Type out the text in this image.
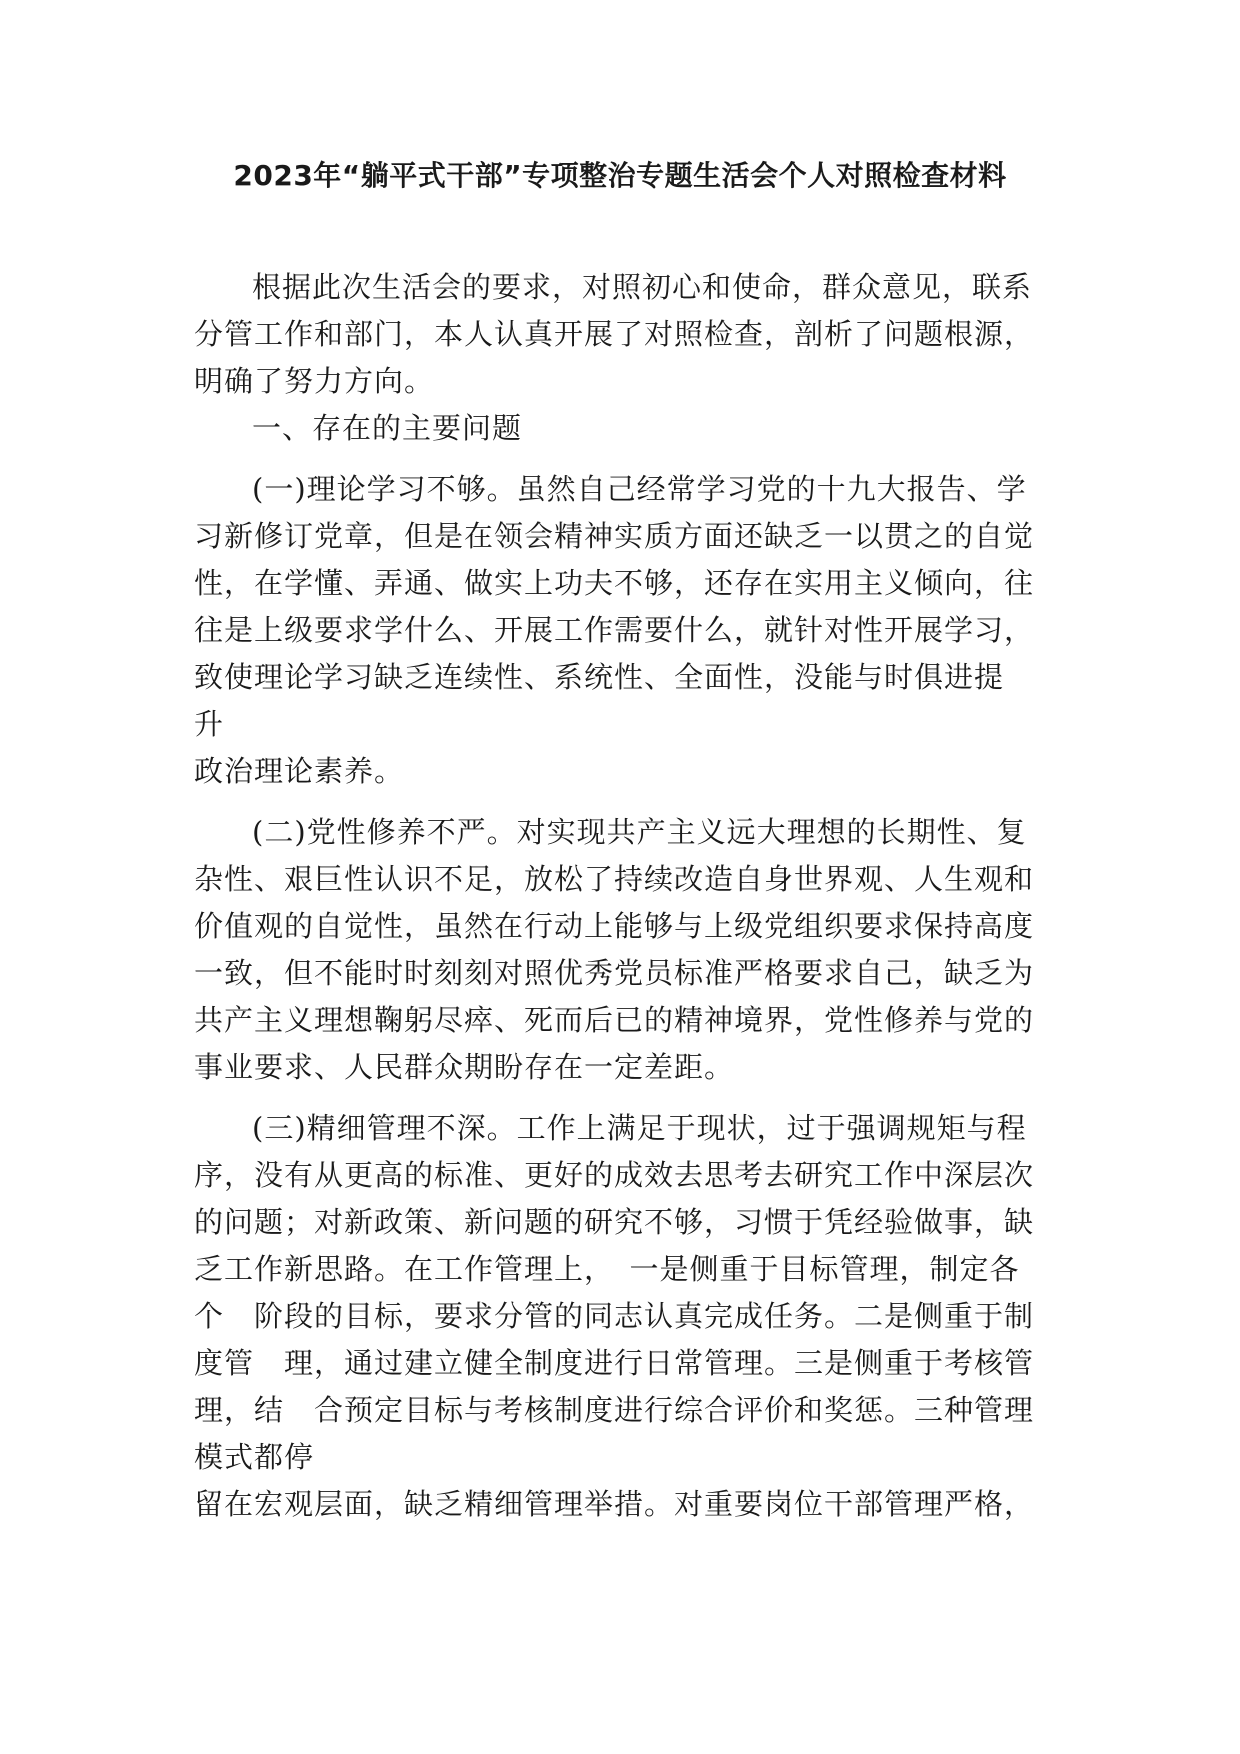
2023年“躺平式干部”专项整治专题生活会个人对照检查材料
根据此次生活会的要求，对照初心和使命，群众意见，联系
分管工作和部门，本人认真开展了对照检查，剖析了问题根源，
明确了努力方向。
一、存在的主要问题
(一)理论学习不够。虽然自己经常学习党的十九大报告、学
习新修订党章，但是在领会精神实质方面还缺乏一以贯之的自觉
性，在学懂、弄通、做实上功夫不够，还存在实用主义倾向，往
往是上级要求学什么、开展工作需要什么，就针对性开展学习，
致使理论学习缺乏连续性、系统性、全面性，没能与时俱进提
升
政治理论素养。
(二)党性修养不严。对实现共产主义远大理想的长期性、复
杂性、艰巨性认识不足，放松了持续改造自身世界观、人生观和
价值观的自觉性，虽然在行动上能够与上级党组织要求保持高度
一致，但不能时时刻刻对照优秀党员标准严格要求自己，缺乏为
共产主义理想鞠躬尽瘁、死而后已的精神境界，党性修养与党的
事业要求、人民群众期盼存在一定差距。
(三)精细管理不深。工作上满足于现状，过于强调规矩与程
序，没有从更高的标准、更好的成效去思考去研究工作中深层次
的问题；对新政策、新问题的研究不够，习惯于凭经验做事，缺
乏工作新思路。在工作管理上，　一是侧重于目标管理，制定各
个　阶段的目标，要求分管的同志认真完成任务。二是侧重于制
度管　理，通过建立健全制度进行日常管理。三是侧重于考核管
理，结　合预定目标与考核制度进行综合评价和奖惩。三种管理
模式都停
留在宏观层面，缺乏精细管理举措。对重要岗位干部管理严格，
